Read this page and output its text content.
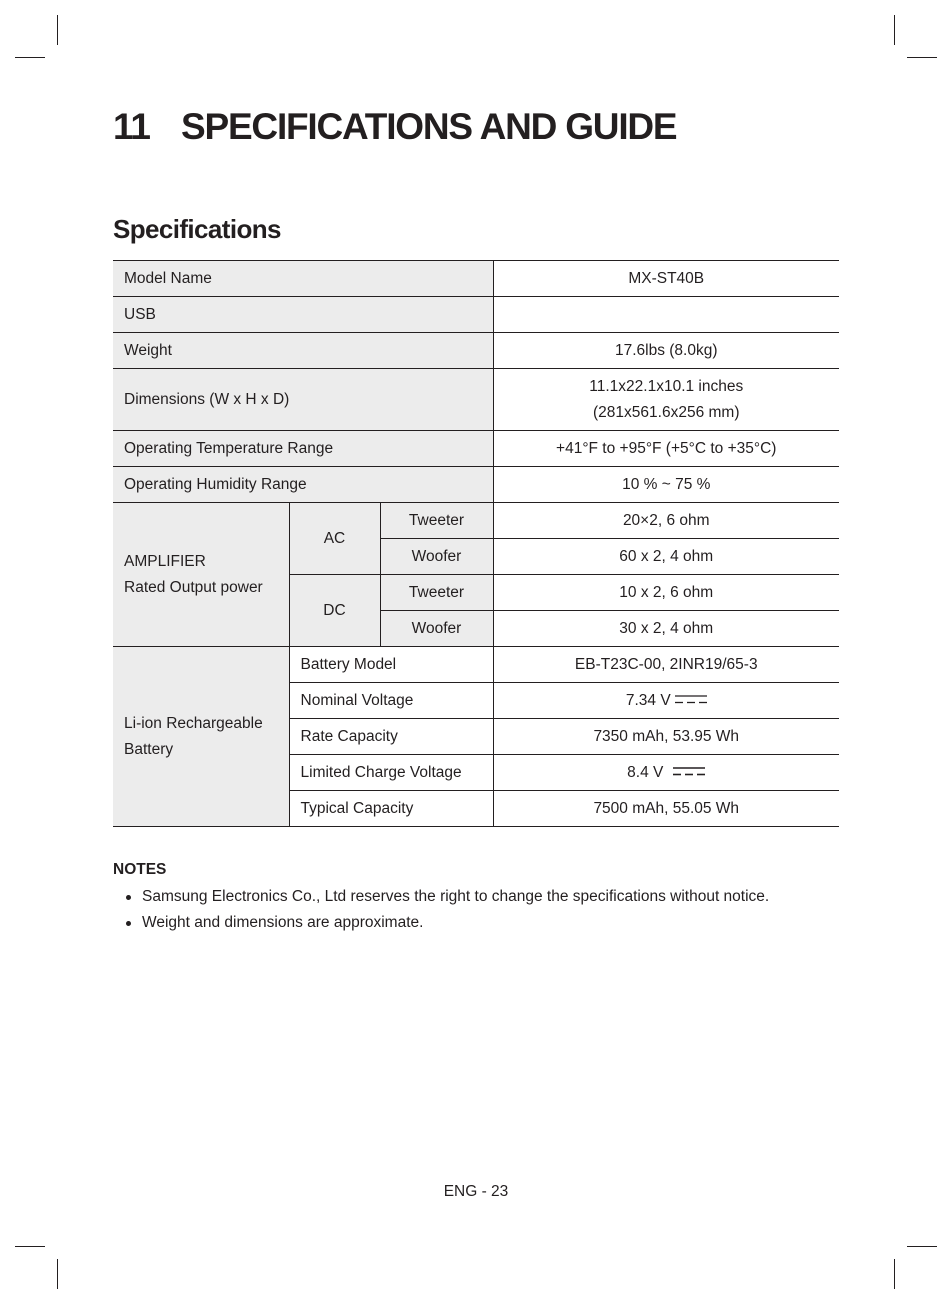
11 SPECIFICATIONS AND GUIDE
Specifications
Model Name			MX-ST40B
USB			
Weight			17.6lbs (8.0kg)
Dimensions (W x H x D)			11.1x22.1x10.1 inches
(281x561.6x256 mm)

Operating Temperature Range			+41°F to +95°F (+5°C to +35°C)
Operating Humidity Range			10 % ~ 75 %

AMPLIFIER
Rated Output power	AC	Tweeter	20×2, 6 ohm
		Woofer	60 x 2, 4 ohm
	DC	Tweeter	10 x 2, 6 ohm
		Woofer	30 x 2, 4 ohm

Li-ion Rechargeable
Battery	Battery Model		EB-T23C-00, 2INR19/65-3
	Nominal Voltage		7.34 V
	Rate Capacity		7350 mAh, 53.95 Wh
	Limited Charge Voltage		8.4 V
	Typical Capacity		7500 mAh, 55.05 Wh
NOTES
Samsung Electronics Co., Ltd reserves the right to change the specifications without notice.
Weight and dimensions are approximate.
ENG - 23
